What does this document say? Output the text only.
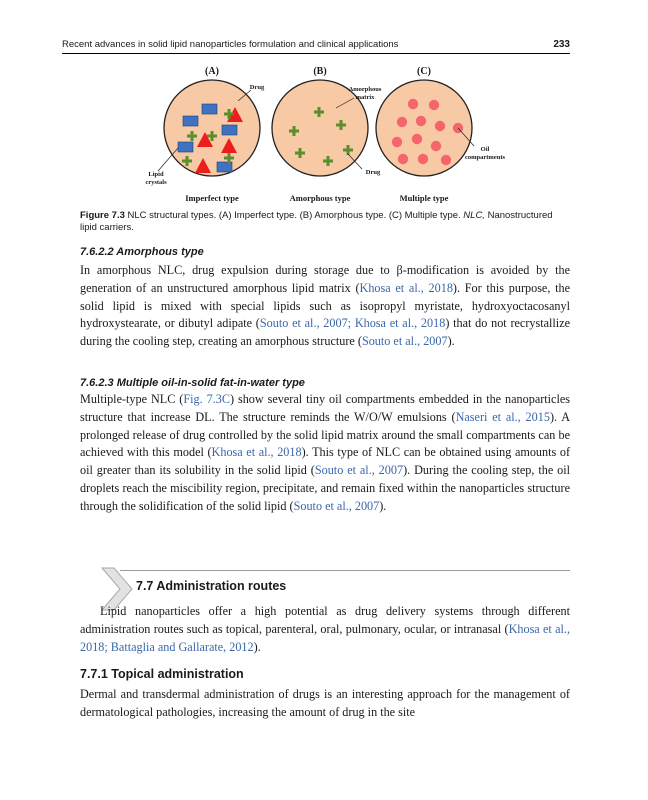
Recent advances in solid lipid nanoparticles formulation and clinical applications	233
(A)	(B)	(C)
Drug
Lipid crystals
Amorphous matrix
Drug
Oil compartments
Imperfect type	Amorphous type	Multiple type
Figure 7.3 NLC structural types. (A) Imperfect type. (B) Amorphous type. (C) Multiple type. NLC, Nanostructured lipid carriers.
7.6.2.2 Amorphous type

In amorphous NLC, drug expulsion during storage due to β-modification is avoided by the generation of an unstructured amorphous lipid matrix (Khosa et al., 2018). For this purpose, the solid lipid is mixed with special lipids such as isopropyl myristate, hydroxyoctacosanyl hydroxystearate, or dibutyl adipate (Souto et al., 2007; Khosa et al., 2018) that do not recrystallize during the cooling step, creating an amorphous structure (Souto et al., 2007).

7.6.2.3 Multiple oil-in-solid fat-in-water type

Multiple-type NLC (Fig. 7.3C) show several tiny oil compartments embedded in the nanoparticles structure that increase DL. The structure reminds the W/O/W emulsions (Naseri et al., 2015). A prolonged release of drug controlled by the solid lipid matrix around the small compartments can be achieved with this model (Khosa et al., 2018). This type of NLC can be obtained using amounts of oil greater than its solubility in the solid lipid (Souto et al., 2007). During the cooling step, the oil droplets reach the miscibility region, precipitate, and remain fixed within the nanoparticles structure through the solidification of the solid lipid (Souto et al., 2007).

7.7 Administration routes

Lipid nanoparticles offer a high potential as drug delivery systems through different administration routes such as topical, parenteral, oral, pulmonary, ocular, or intranasal (Khosa et al., 2018; Battaglia and Gallarate, 2012).

7.7.1 Topical administration

Dermal and transdermal administration of drugs is an interesting approach for the management of dermatological pathologies, increasing the amount of drug in the site
